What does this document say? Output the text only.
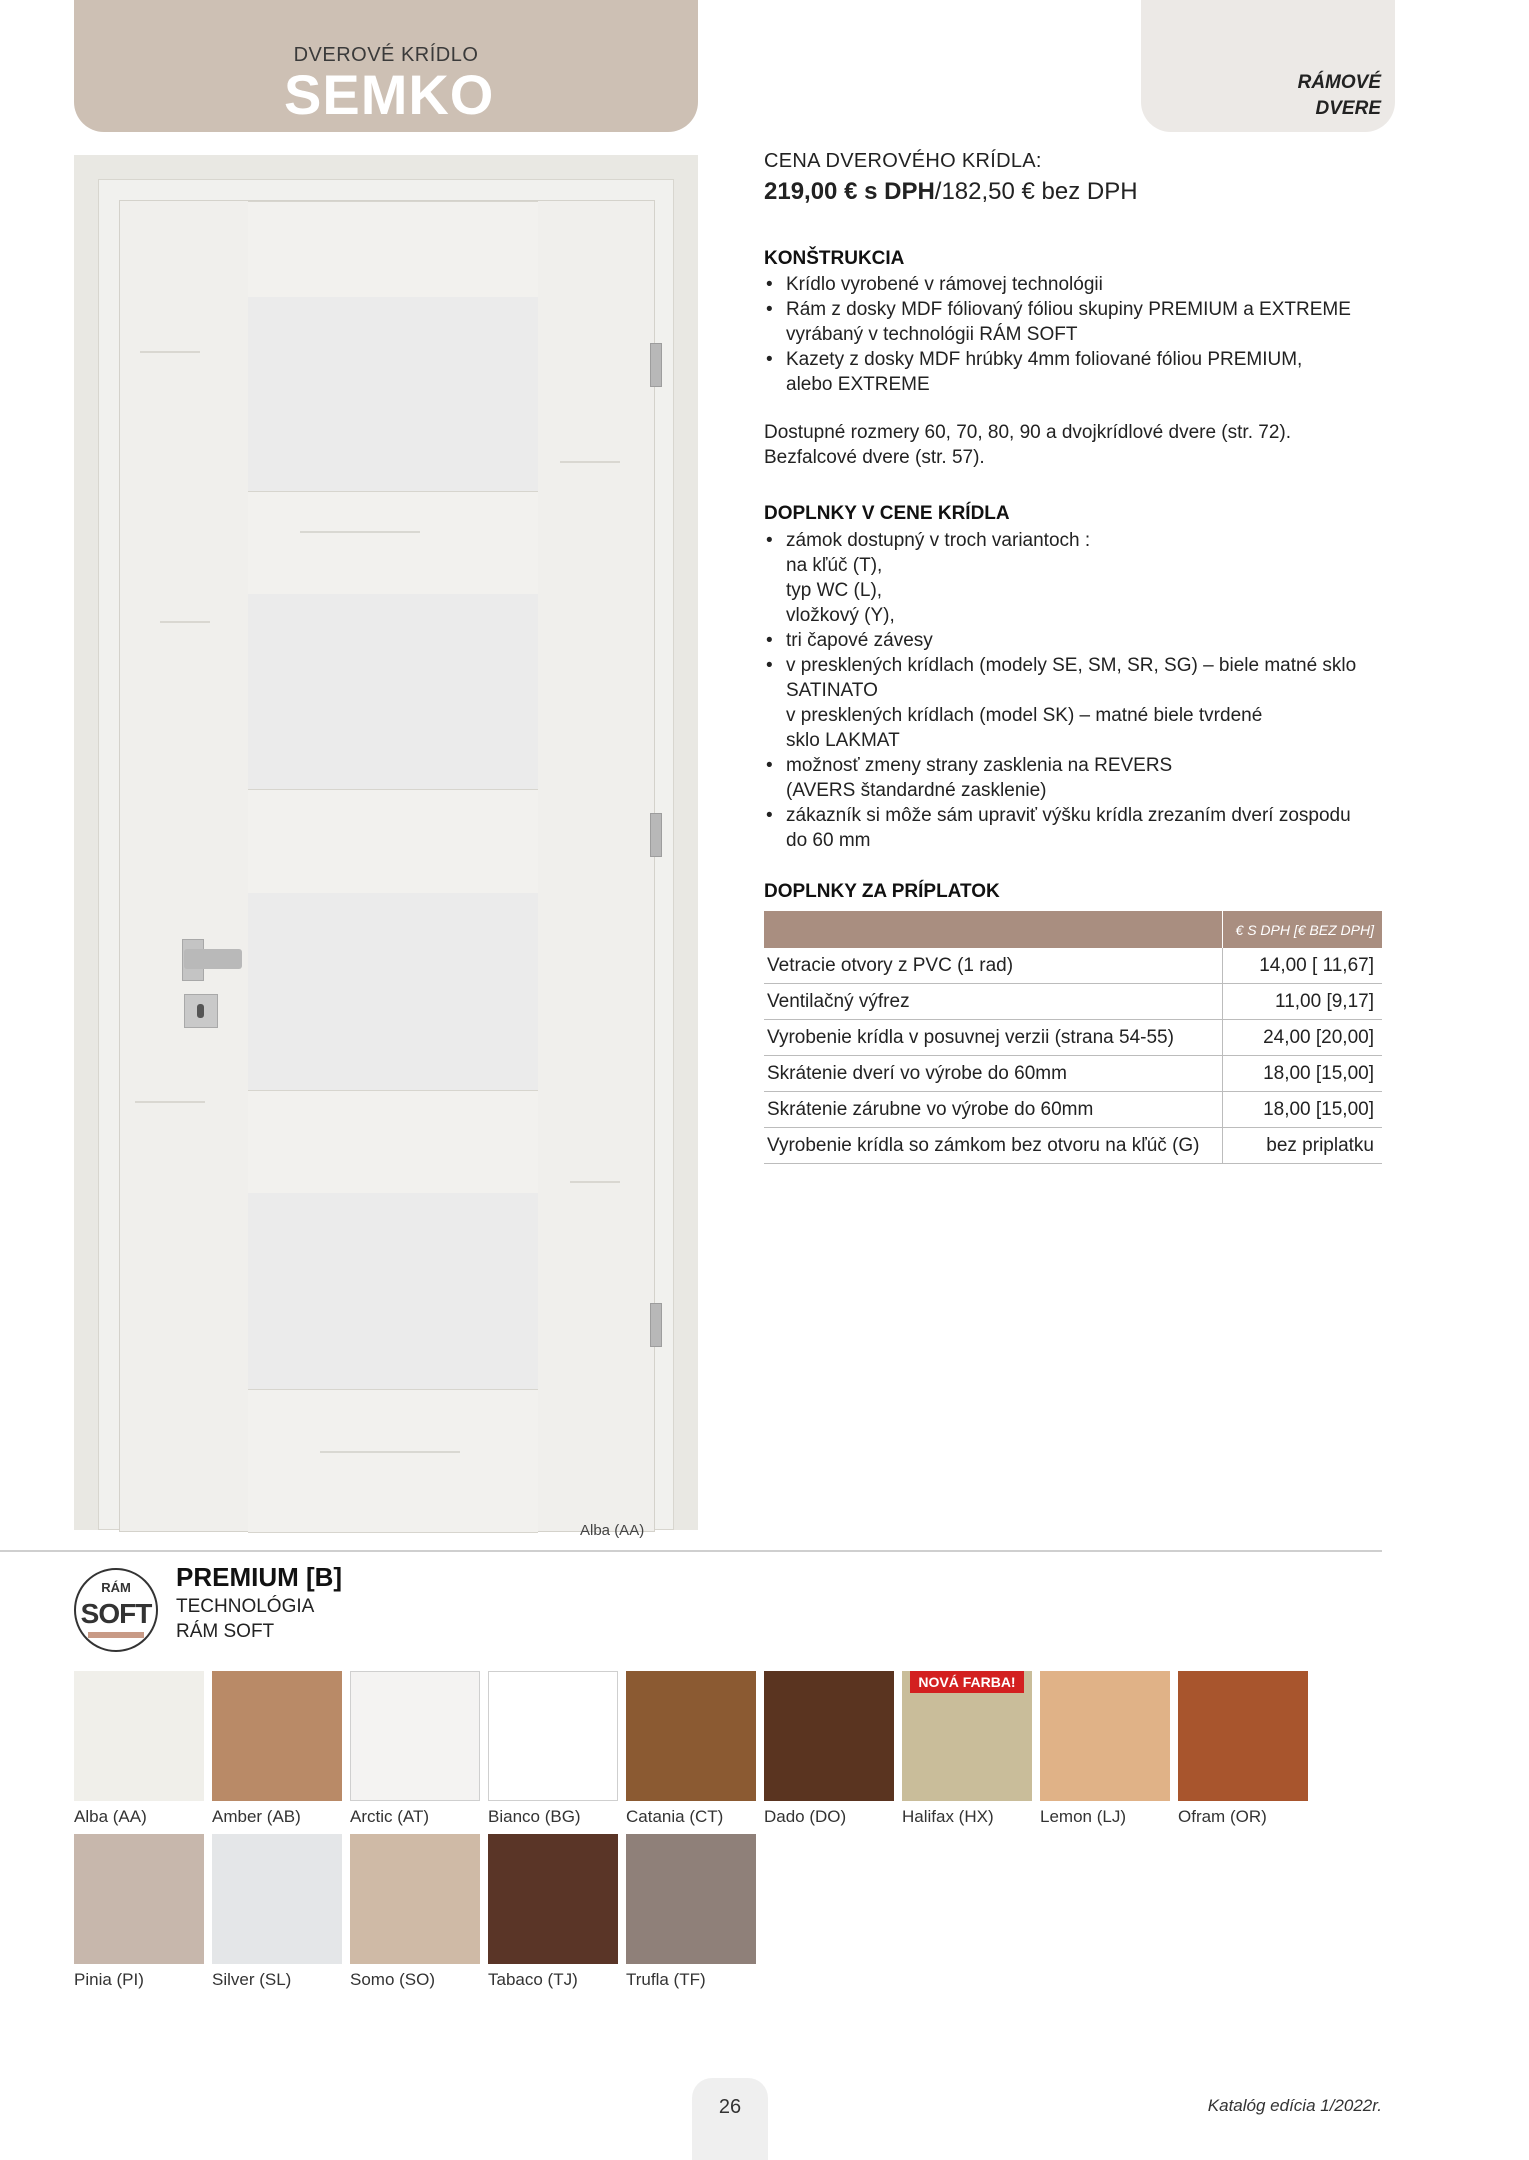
DVEROVÉ KRÍDLO
SEMKO	RÁMOVÉ
DVERE
Alba (AA)
CENA DVEROVÉHO KRÍDLA:
219,00 € s DPH/182,50 € bez DPH
KONŠTRUKCIA
• Krídlo vyrobené v rámovej technológii
• Rám z dosky MDF fóliovaný fóliou skupiny PREMIUM a EXTREME
vyrábaný v technológii RÁM SOFT
• Kazety z dosky MDF hrúbky 4mm foliované fóliou PREMIUM,
alebo EXTREME
Dostupné rozmery 60, 70, 80, 90 a dvojkrídlové dvere (str. 72).
Bezfalcové dvere (str. 57).
DOPLNKY V CENE KRÍDLA
• zámok dostupný v troch variantoch :
na kľúč (T),
typ WC (L),
vložkový (Y),
• tri čapové závesy
• v presklených krídlach (modely SE, SM, SR, SG) – biele matné sklo
SATINATO
v presklených krídlach (model SK) – matné biele tvrdené
sklo LAKMAT
• možnosť zmeny strany zasklenia na REVERS
(AVERS štandardné zasklenie)
• zákazník si môže sám upraviť výšku krídla zrezaním dverí zospodu
do 60 mm
DOPLNKY ZA PRÍPLATOK
	€ S DPH [€ BEZ DPH]
Vetracie otvory z PVC (1 rad)	14,00 [ 11,67]
Ventilačný výfrez	11,00 [9,17]
Vyrobenie krídla v posuvnej verzii (strana 54-55)	24,00 [20,00]
Skrátenie dverí vo výrobe do 60mm	18,00 [15,00]
Skrátenie zárubne vo výrobe do 60mm	18,00 [15,00]
Vyrobenie krídla so zámkom bez otvoru na kľúč (G)	bez priplatku
RÁM
SOFT
PREMIUM [B]
TECHNOLÓGIA
RÁM SOFT
Alba (AA)	Amber (AB)	Arctic (AT)	Bianco (BG)	Catania (CT) Dado (DO)	Halifax (HX)	Lemon (LJ)	Ofram (OR)
Pinia (PI)	Silver (SL)	Somo (SO)	Tabaco (TJ)	Trufla (TF)
NOVÁ FARBA!
26	Katalóg edícia 1/2022r.
